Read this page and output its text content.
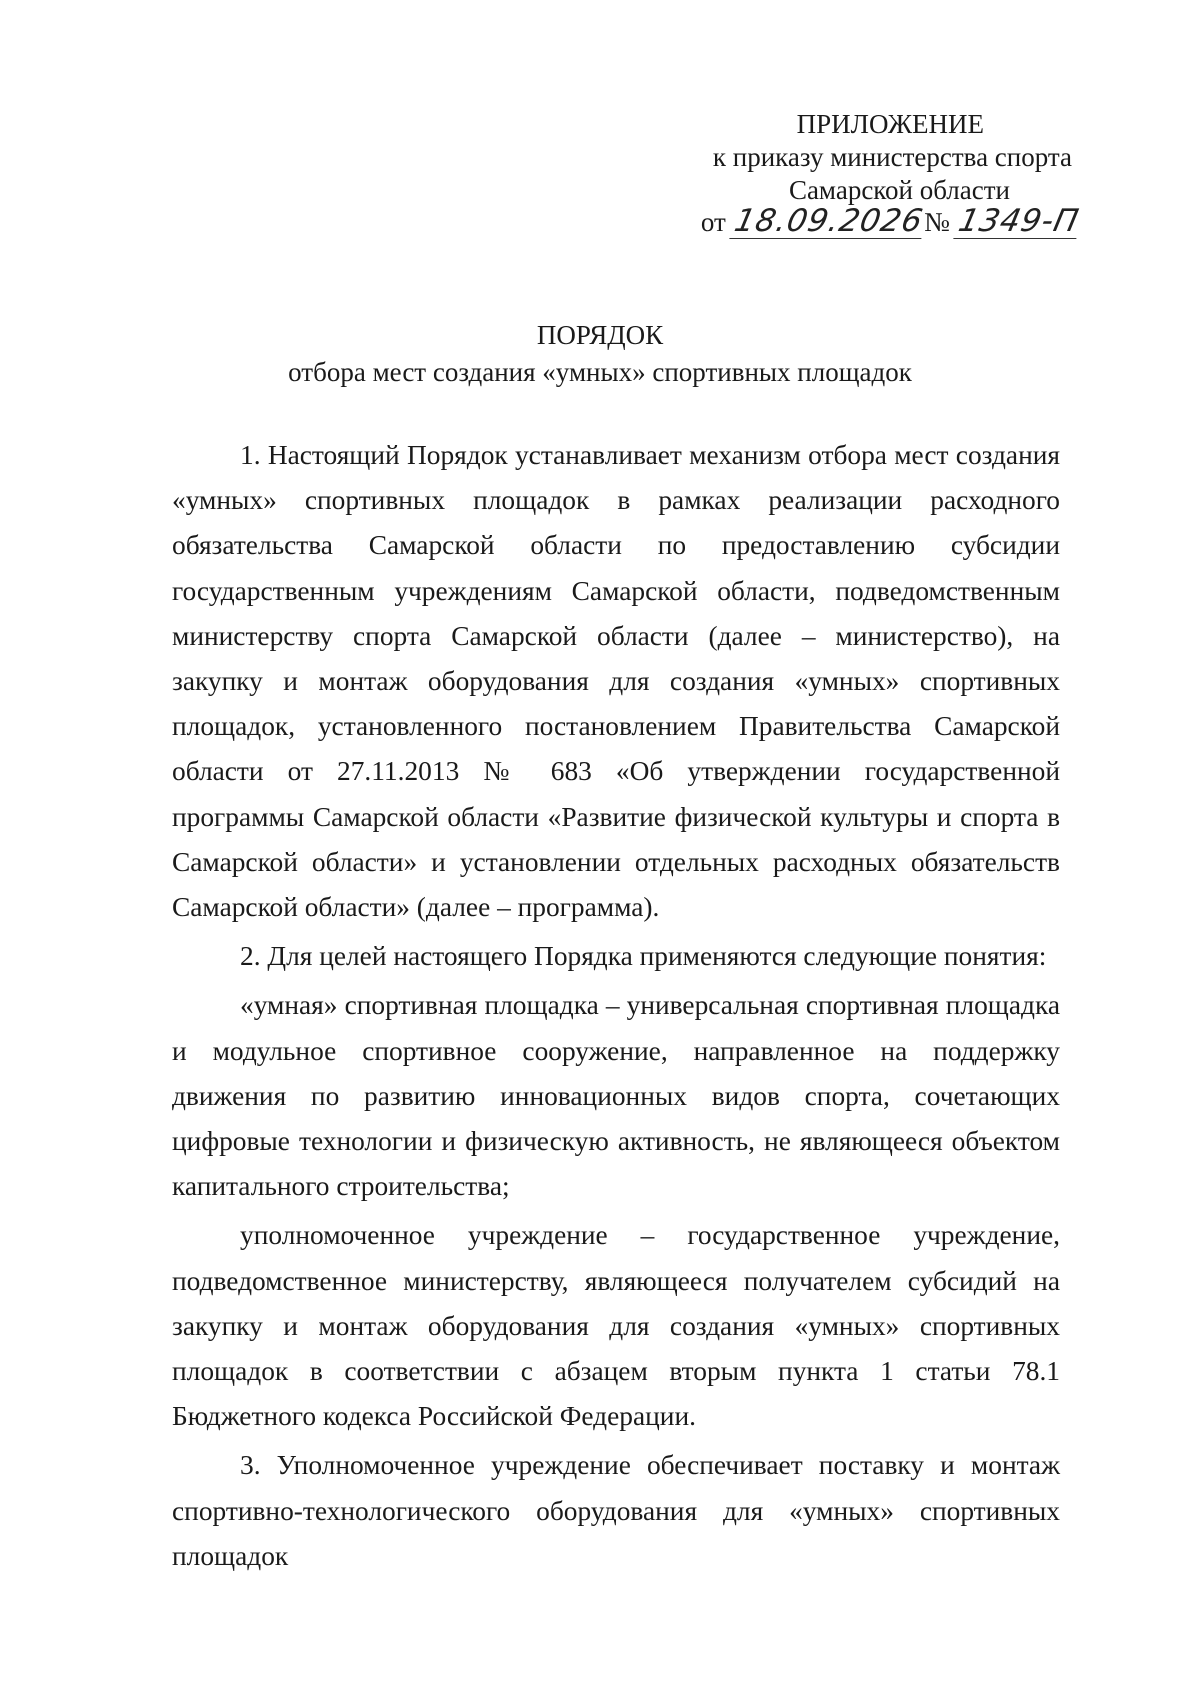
ПРИЛОЖЕНИЕ
к приказу министерства спорта
Самарской области
от 18.09.2026№ 1349-П
ПОРЯДОК
отбора мест создания «умных» спортивных площадок

1. Настоящий Порядок устанавливает механизм отбора мест создания «умных» спортивных площадок в рамках реализации расходного обязательства Самарской области по предоставлению субсидии государственным учреждениям Самарской области, подведомственным министерству спорта Самарской области (далее – министерство), на закупку и монтаж оборудования для создания «умных» спортивных площадок, установленного постановлением Правительства Самарской области от 27.11.2013 № 683 «Об утверждении государственной программы Самарской области «Развитие физической культуры и спорта в Самарской области» и установлении отдельных расходных обязательств Самарской области» (далее – программа).

2. Для целей настоящего Порядка применяются следующие понятия:

«умная» спортивная площадка – универсальная спортивная площадка и модульное спортивное сооружение, направленное на поддержку движения по развитию инновационных видов спорта, сочетающих цифровые технологии и физическую активность, не являющееся объектом капитального строительства;

уполномоченное учреждение – государственное учреждение, подведомственное министерству, являющееся получателем субсидий на закупку и монтаж оборудования для создания «умных» спортивных площадок в соответствии с абзацем вторым пункта 1 статьи 78.1 Бюджетного кодекса Российской Федерации.

3. Уполномоченное учреждение обеспечивает поставку и монтаж спортивно-технологического оборудования для «умных» спортивных площадок
